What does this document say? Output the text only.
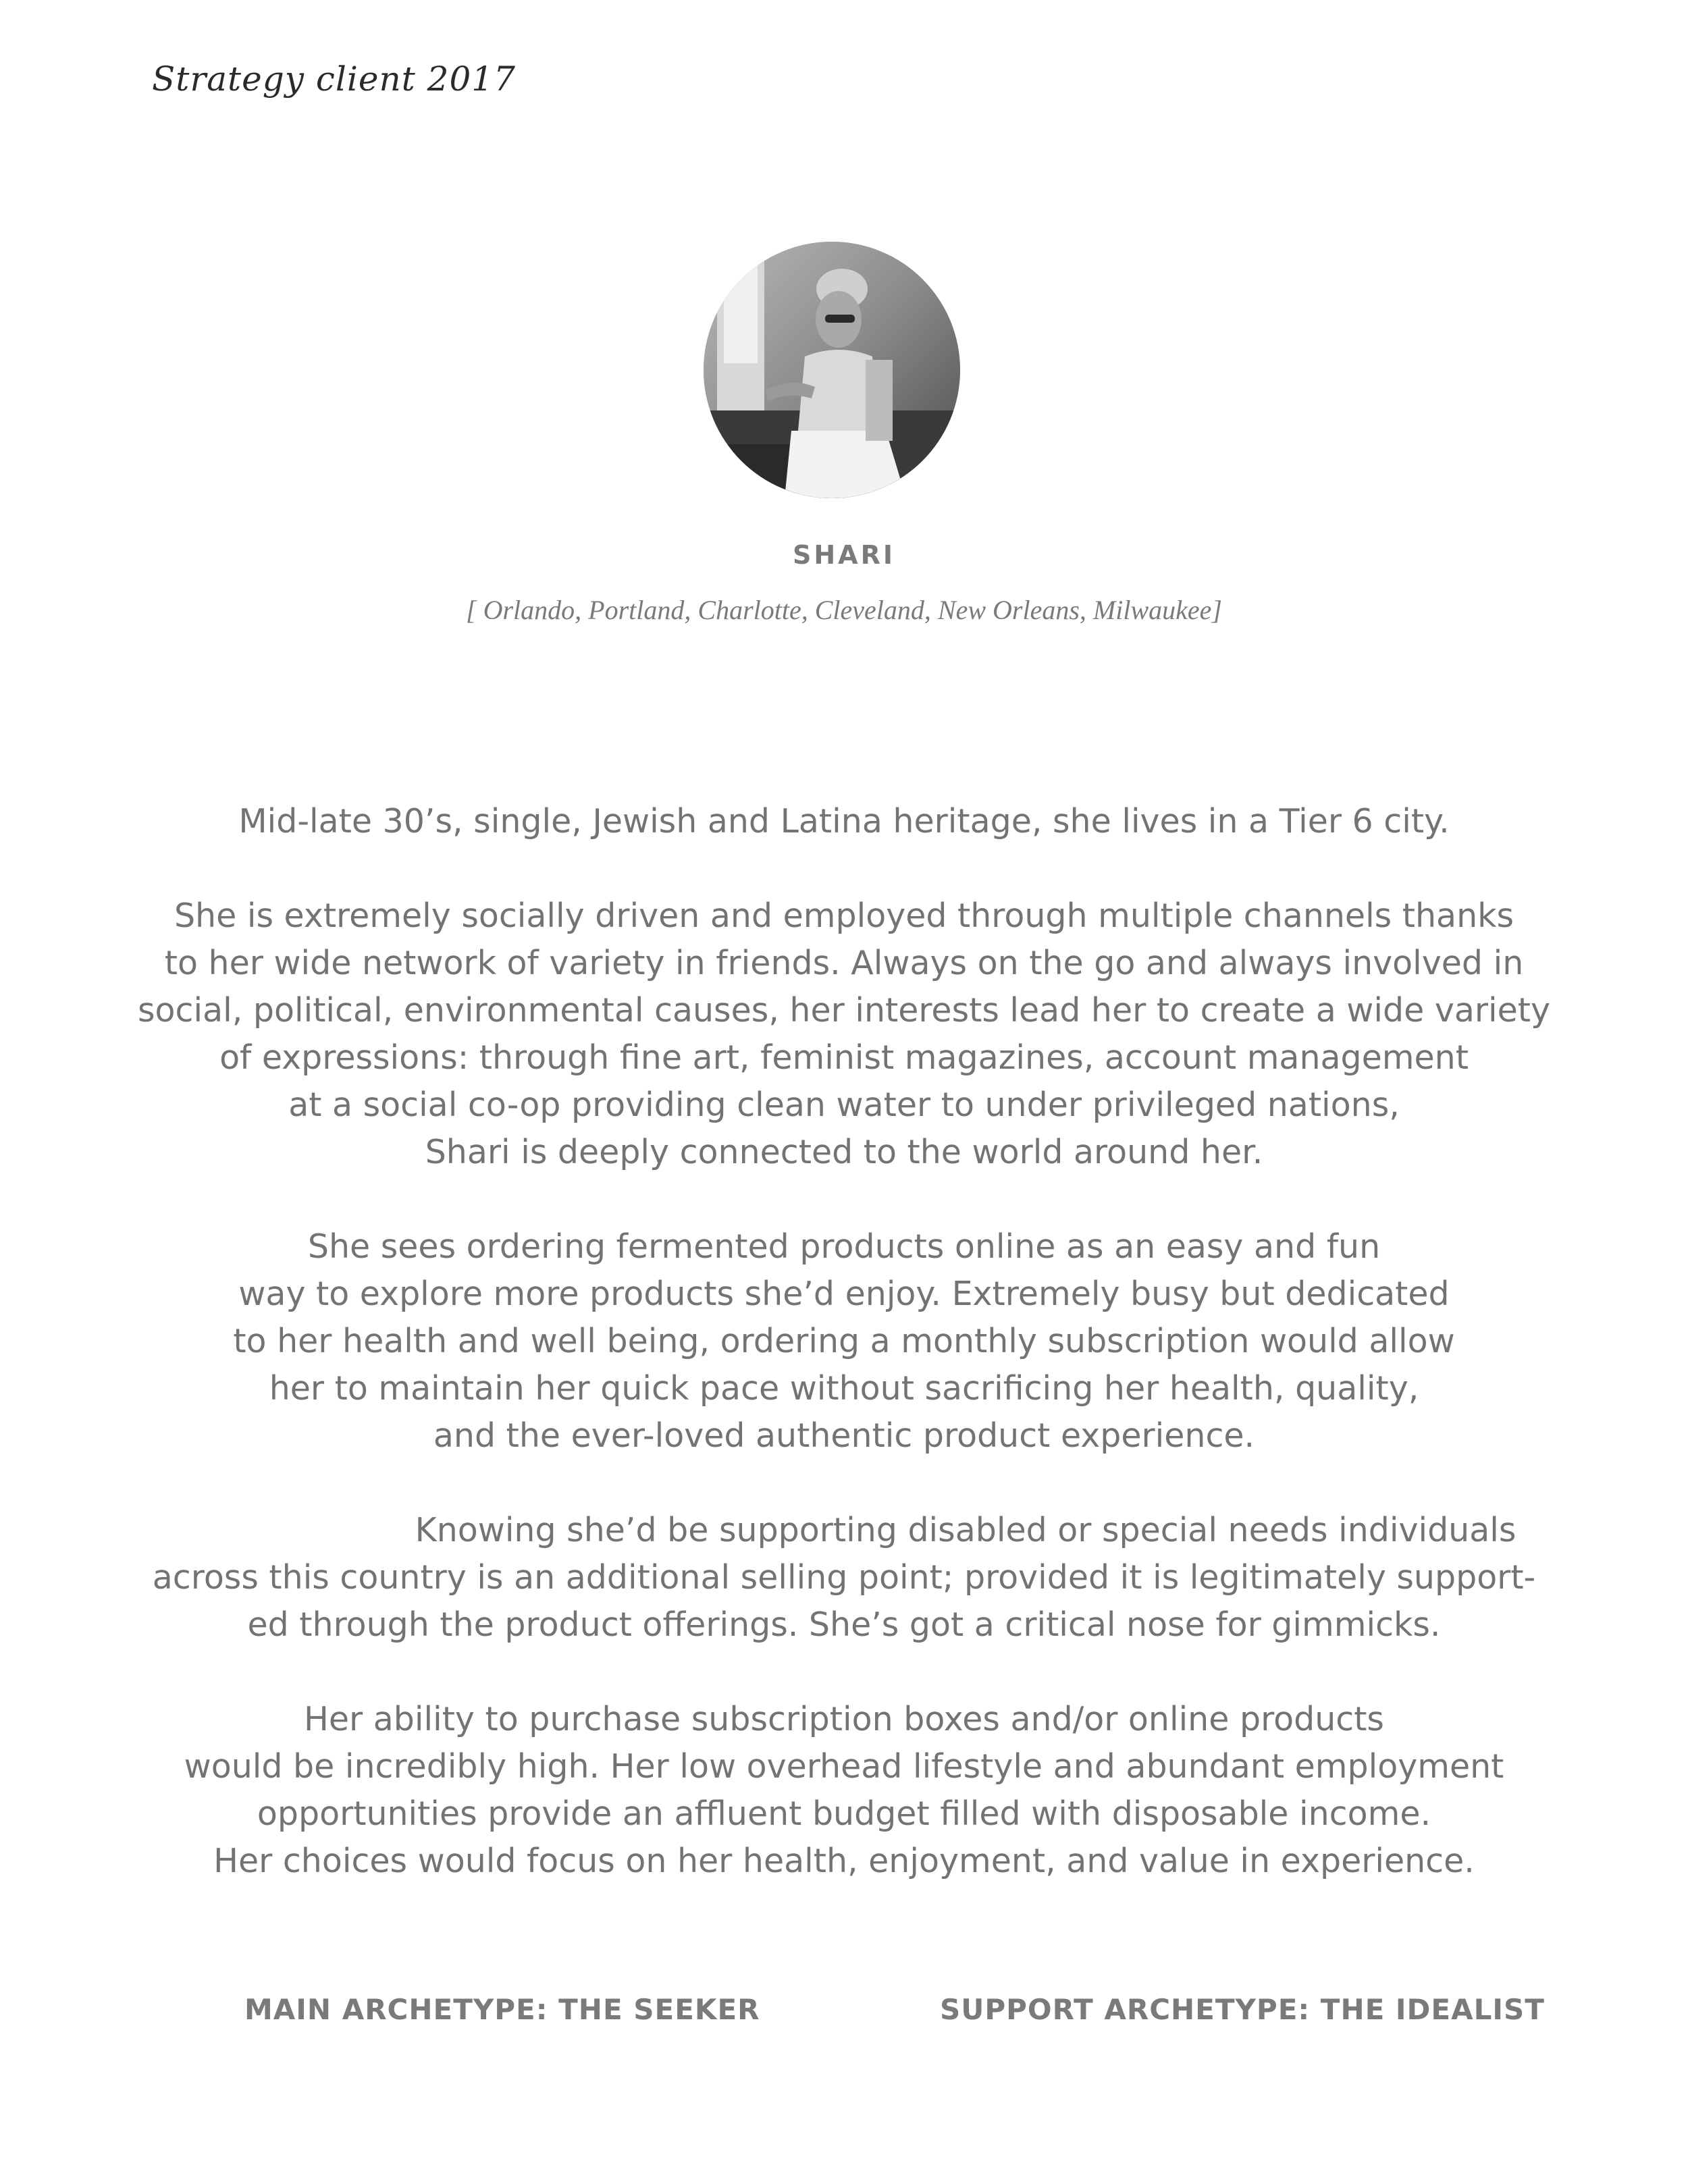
Strategy client 2017
SHARI
[ Orlando, Portland, Charlotte, Cleveland, New Orleans, Milwaukee]

Mid-late 30’s, single, Jewish and Latina heritage, she lives in a Tier 6 city.

She is extremely socially driven and employed through multiple channels thanks
to her wide network of variety in friends. Always on the go and always involved in
social, political, environmental causes, her interests lead her to create a wide variety
of expressions: through fine art, feminist magazines, account management
at a social co-op providing clean water to under privileged nations,
Shari is deeply connected to the world around her.

She sees ordering fermented products online as an easy and fun
way to explore more products she’d enjoy. Extremely busy but dedicated
to her health and well being, ordering a monthly subscription would allow
her to maintain her quick pace without sacrificing her health, quality,
and the ever-loved authentic product experience.

Knowing she’d be supporting disabled or special needs individuals
across this country is an additional selling point; provided it is legitimately support-
ed through the product offerings. She’s got a critical nose for gimmicks.

Her ability to purchase subscription boxes and/or online products
would be incredibly high. Her low overhead lifestyle and abundant employment
opportunities provide an affluent budget filled with disposable income.
Her choices would focus on her health, enjoyment, and value in experience.

MAIN ARCHETYPE: THE SEEKER	SUPPORT ARCHETYPE: THE IDEALIST
